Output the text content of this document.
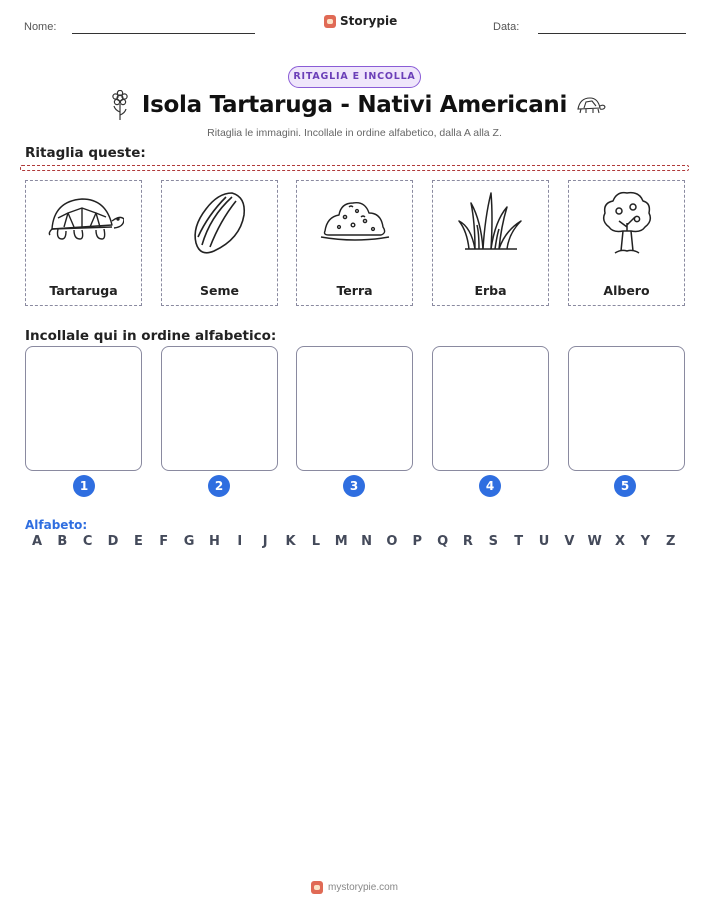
Nome:	Storypie	Data:
RITAGLIA E INCOLLA
Isola Tartaruga - Nativi Americani
Ritaglia le immagini. Incollale in ordine alfabetico, dalla A alla Z.
Ritaglia queste:
Tartaruga	Seme	Terra	Erba	Albero
Incollale qui in ordine alfabetico:
1	2	3	4	5
Alfabeto:
A B C D E F G H	I	J	K L M N O P Q R S T U V W X Y Z
mystorypie.com
